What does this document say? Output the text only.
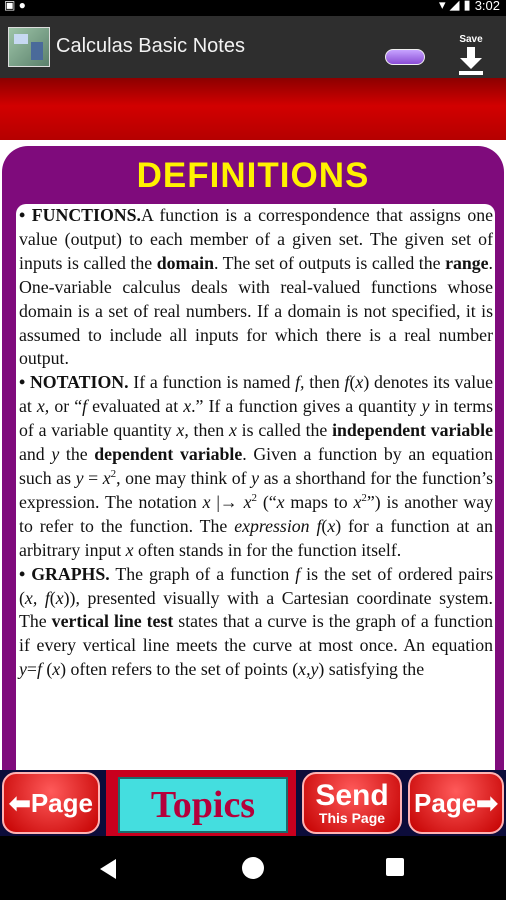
▣ ●	▾ ◢ ▮ 3:02
Calculas Basic Notes	Save
DEFINITIONS

• FUNCTIONS.A function is a correspondence that assigns one value (output) to each member of a given set. The given set of inputs is called the domain. The set of outputs is called the range. One-variable calculus deals with real-valued functions whose domain is a set of real numbers. If a domain is not specified, it is assumed to include all inputs for which there is a real number output.

• NOTATION. If a function is named f, then f(x) denotes its value at x, or “f evaluated at x.” If a function gives a quantity y in terms of a variable quantity x, then x is called the independent variable and y the dependent variable. Given a function by an equation such as $y = x^2$, one may think of y as a shorthand for the function’s expression. The notation x |→ $x^2$ (“x maps to $x^2$”) is another way to refer to the function. The expression f(x) for a function at an arbitrary input x often stands in for the function itself.

• GRAPHS. The graph of a function f is the set of ordered pairs (x, f(x)), presented visually with a Cartesian coordinate system. The vertical line test states that a curve is the graph of a function if every vertical line meets the curve at most once. An equation y=f (x) often refers to the set of points (x,y) satisfying the

⬅ Page	Topics	Send
This Page
Page ➡
